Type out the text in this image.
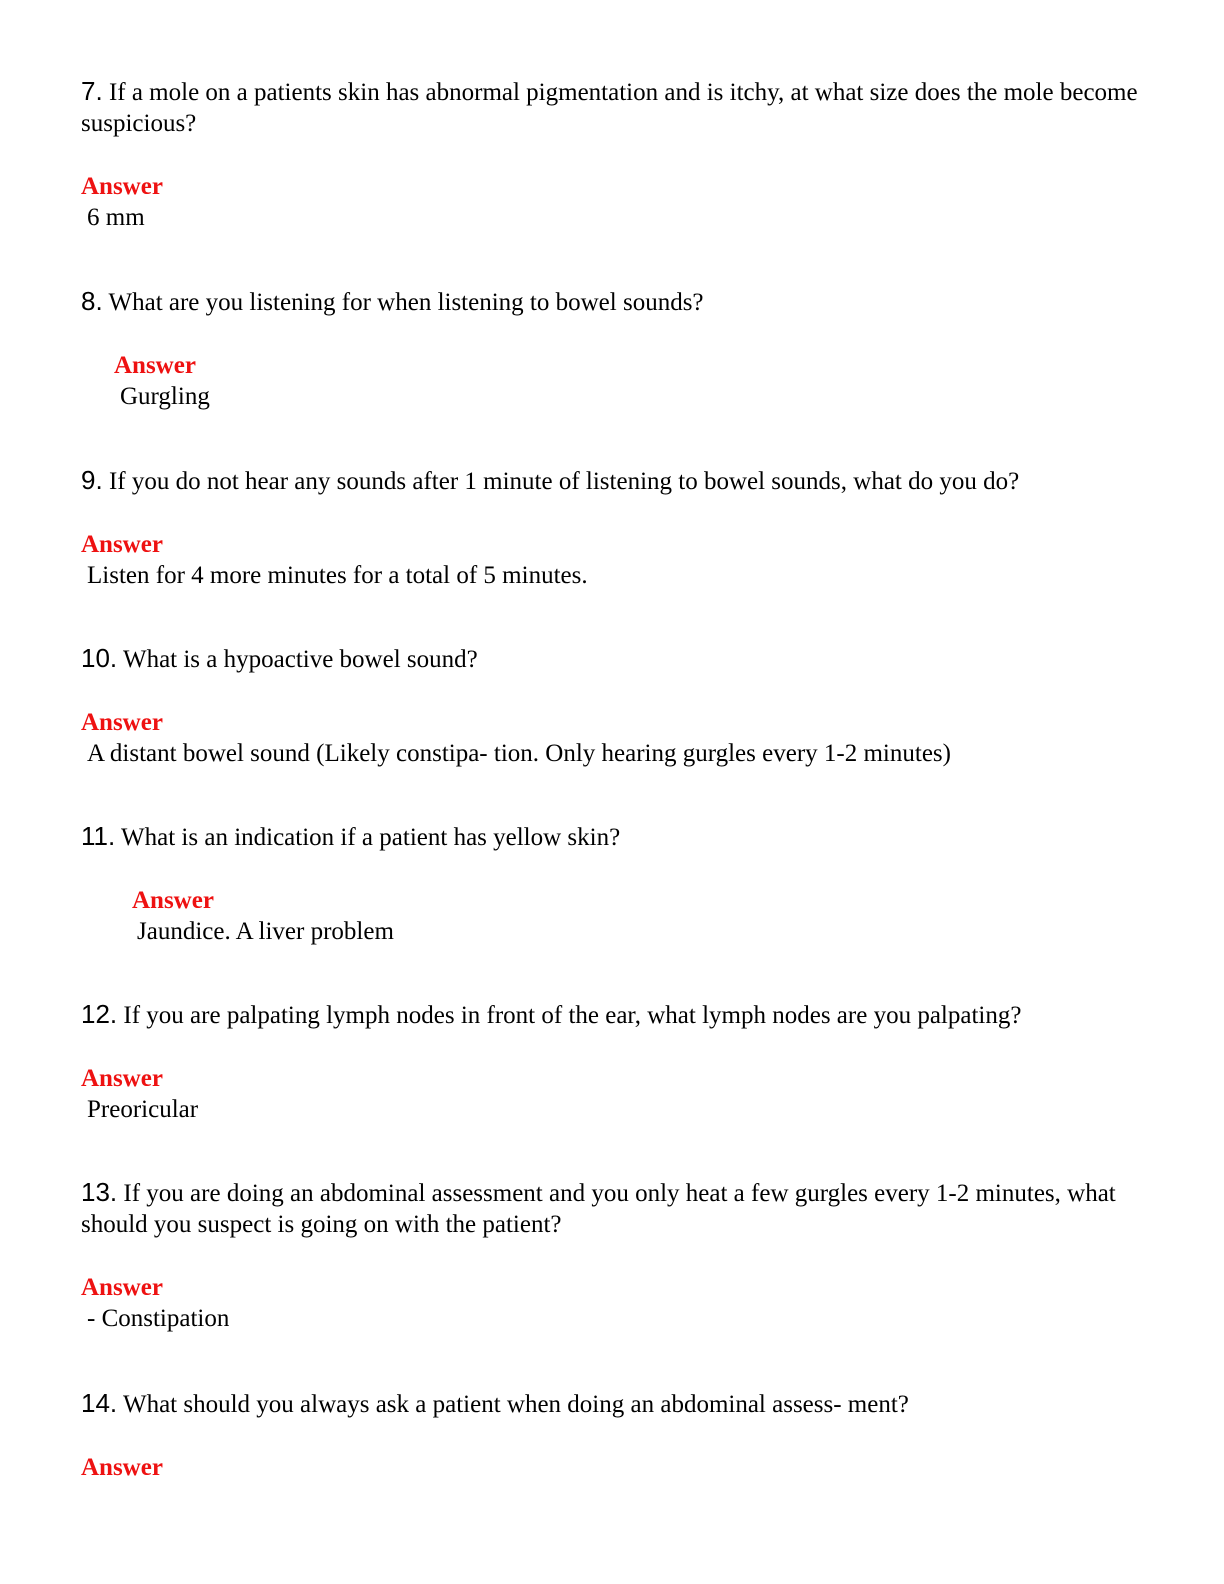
7. If a mole on a patients skin has abnormal pigmentation and is itchy, at what size does the mole become suspicious?

Answer

6 mm

8. What are you listening for when listening to bowel sounds?

Answer

Gurgling

9. If you do not hear any sounds after 1 minute of listening to bowel sounds, what do you do?

Answer

Listen for 4 more minutes for a total of 5 minutes.

10. What is a hypoactive bowel sound?

Answer

A distant bowel sound (Likely constipa- tion. Only hearing gurgles every 1-2 minutes)

11. What is an indication if a patient has yellow skin?

Answer

Jaundice. A liver problem

12. If you are palpating lymph nodes in front of the ear, what lymph nodes are you palpating?

Answer

Preoricular

13. If you are doing an abdominal assessment and you only heat a few gurgles every 1-2 minutes, what should you suspect is going on with the patient?

Answer

- Constipation

14. What should you always ask a patient when doing an abdominal assess- ment?

Answer
